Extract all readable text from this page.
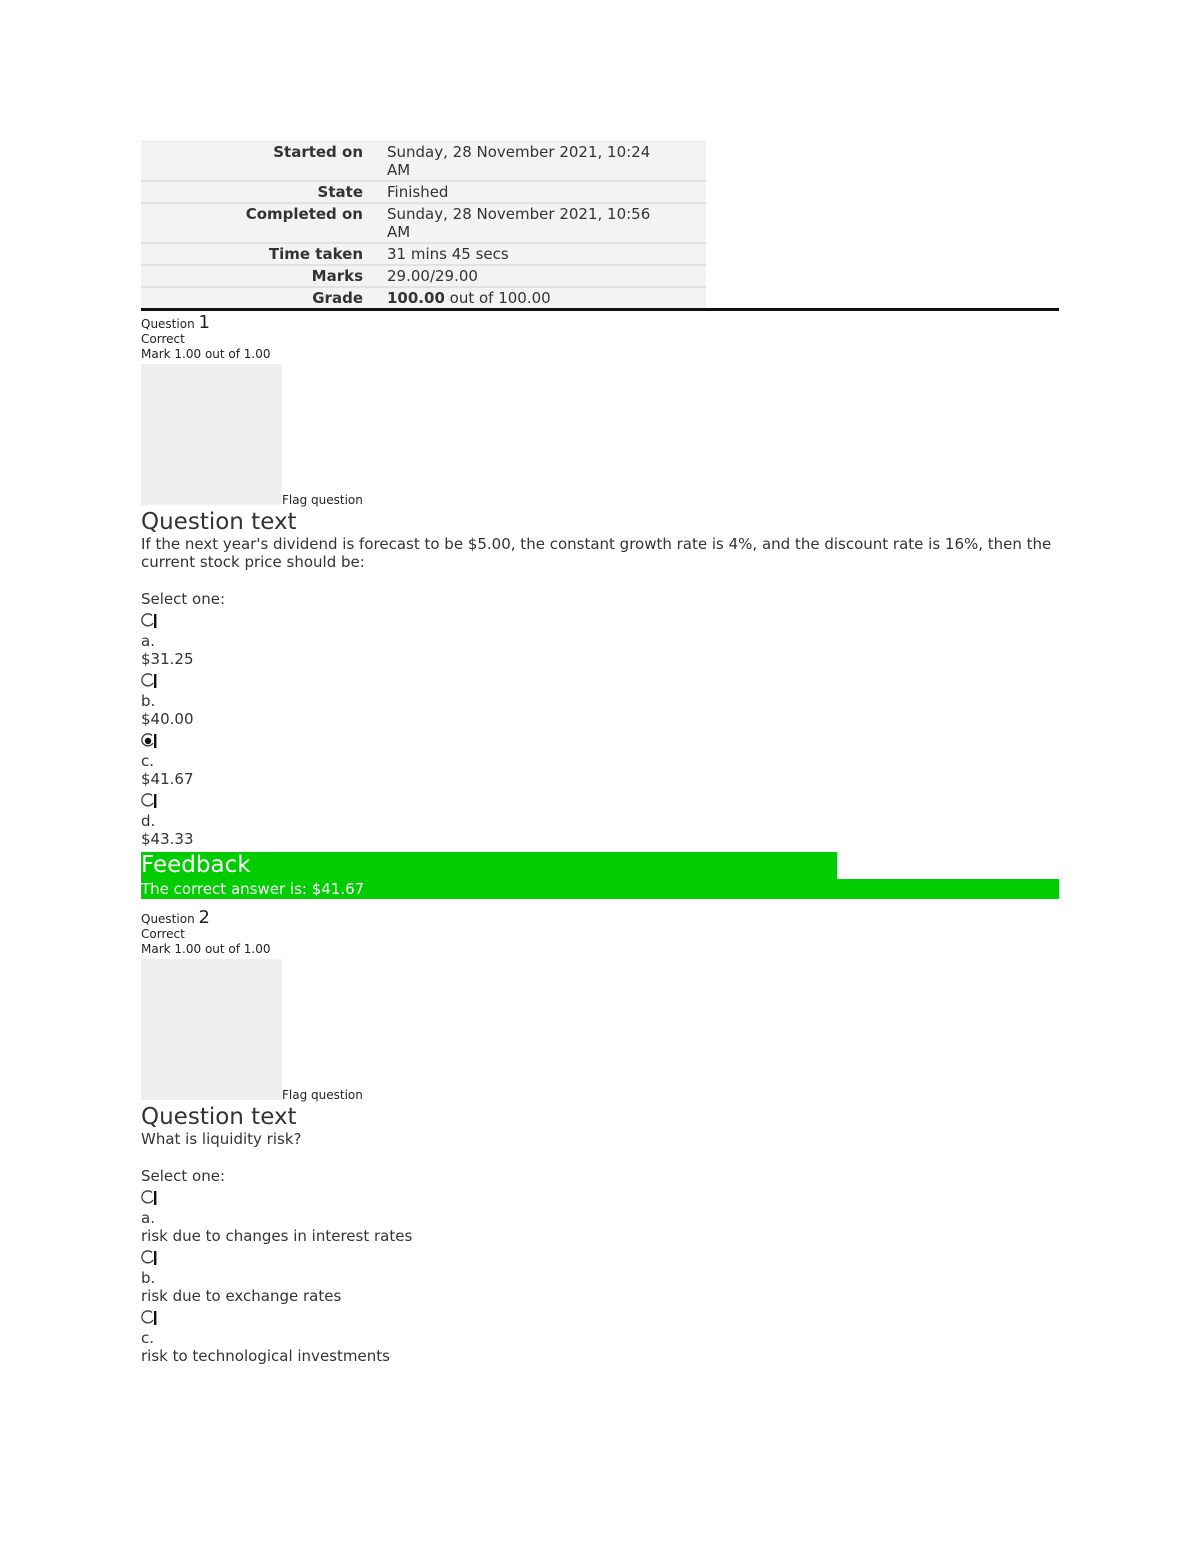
Started on	Sunday, 28 November 2021, 10:24 AM
State	Finished
Completed on	Sunday, 28 November 2021, 10:56 AM
Time taken	31 mins 45 secs
Marks	29.00/29.00
Grade	100.00 out of 100.00
Question 1
Correct
Mark 1.00 out of 1.00
Flag question
Question text
If the next year's dividend is forecast to be $5.00, the constant growth rate is 4%, and the discount rate is 16%, then the current stock price should be:
Select one:
a.
$31.25
b.
$40.00
c.
$41.67
d.
$43.33
Feedback
The correct answer is: $41.67
Question 2
Correct
Mark 1.00 out of 1.00
Flag question
Question text
What is liquidity risk?
Select one:
a.
risk due to changes in interest rates
b.
risk due to exchange rates
c.
risk to technological investments
